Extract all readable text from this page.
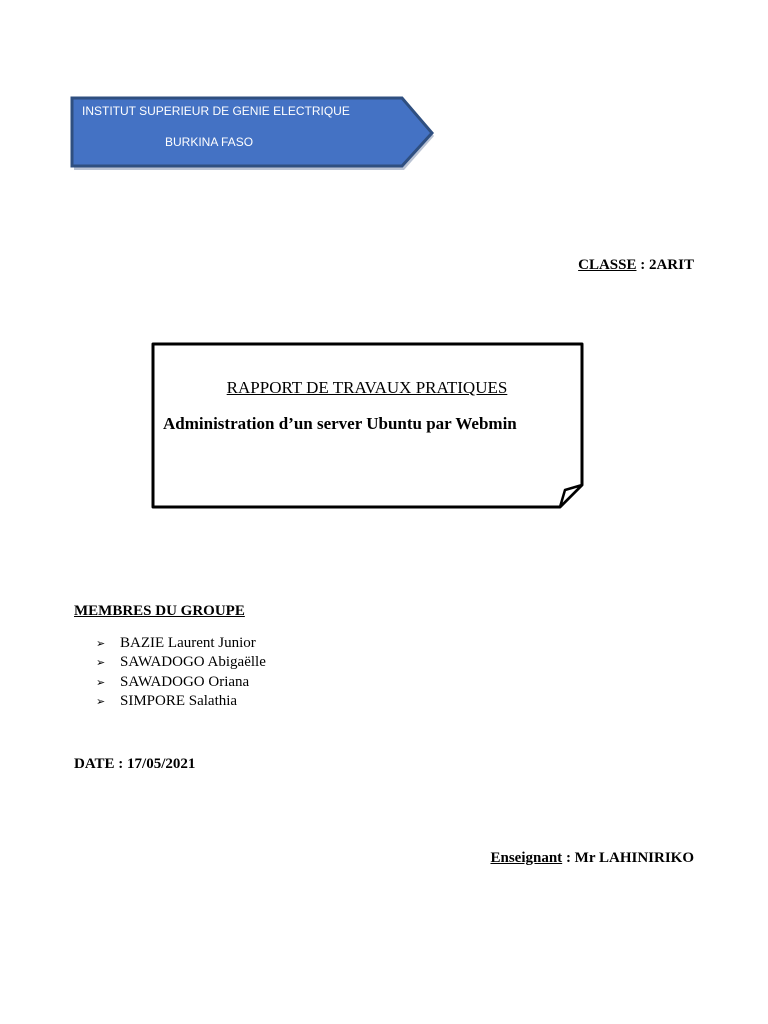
INSTITUT SUPERIEUR DE GENIE ELECTRIQUE
BURKINA FASO
CLASSE : 2ARIT
RAPPORT DE TRAVAUX PRATIQUES
Administration d’un server Ubuntu par Webmin
MEMBRES DU GROUPE
➢ BAZIE Laurent Junior
➢ SAWADOGO Abigaëlle
➢ SAWADOGO Oriana
➢ SIMPORE Salathia
DATE : 17/05/2021
Enseignant : Mr LAHINIRIKO
